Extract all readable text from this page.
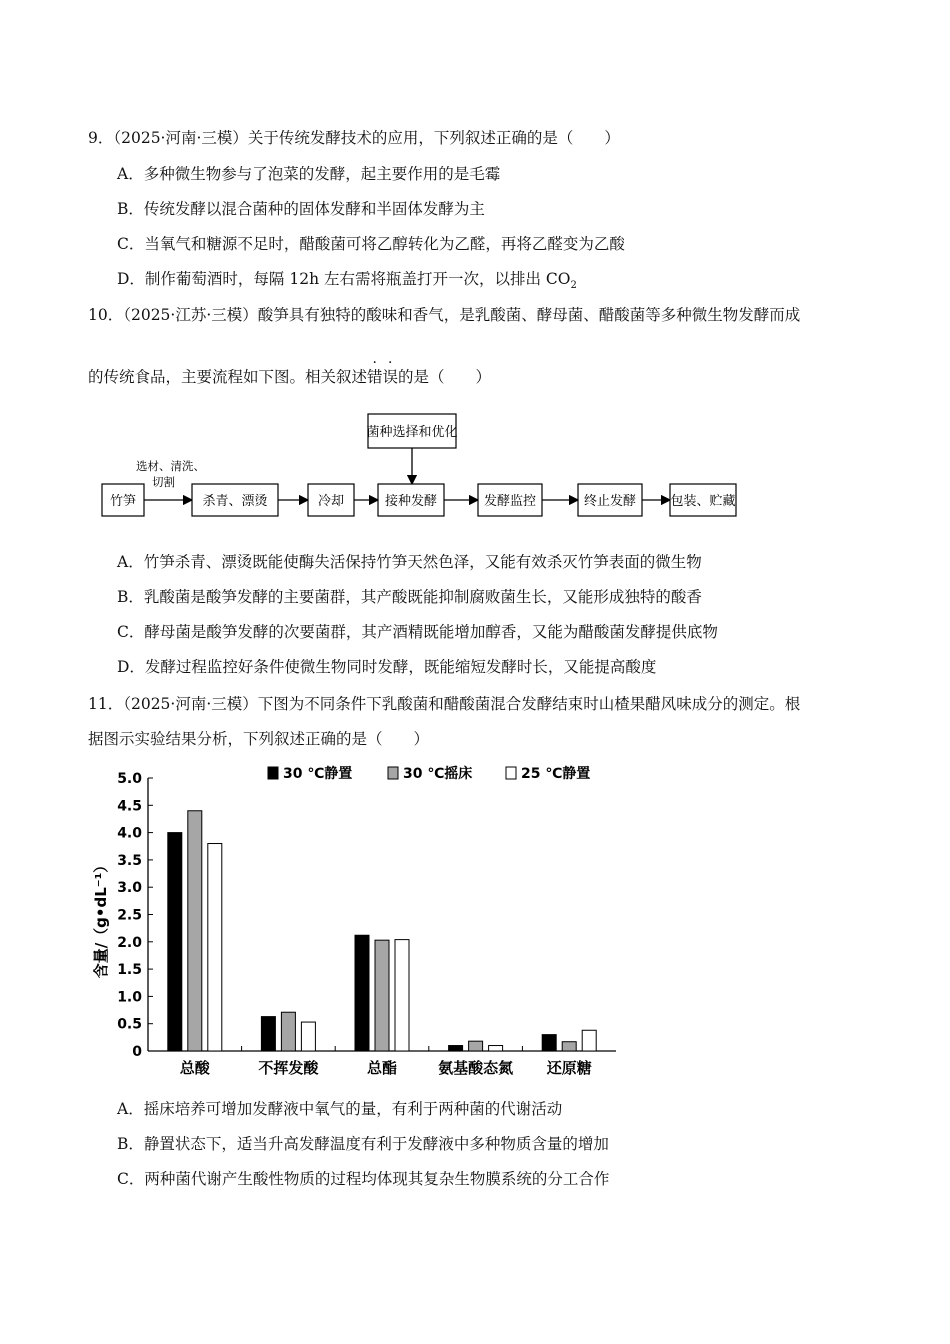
9．（2025·河南·三模）关于传统发酵技术的应用，下列叙述正确的是（　　）
A．多种微生物参与了泡菜的发酵，起主要作用的是毛霉
B．传统发酵以混合菌种的固体发酵和半固体发酵为主
C．当氧气和糖源不足时，醋酸菌可将乙醇转化为乙醛，再将乙醛变为乙酸
D．制作葡萄酒时，每隔 12h 左右需将瓶盖打开一次，以排出 $CO_2$
10．（2025·江苏·三模）酸笋具有独特的酸味和香气，是乳酸菌、酵母菌、醋酸菌等多种微生物发酵而成
的传统食品，主要流程如下图。相关叙述
·
错
·
误的是（　　）
菌种选择和优化
选材、清洗、
切割
竹笋	杀青、漂烫	冷却	接种发酵	发酵监控	终止发酵	包装、贮藏
A．竹笋杀青、漂烫既能使酶失活保持竹笋天然色泽，又能有效杀灭竹笋表面的微生物
B．乳酸菌是酸笋发酵的主要菌群，其产酸既能抑制腐败菌生长，又能形成独特的酸香
C．酵母菌是酸笋发酵的次要菌群，其产酒精既能增加醇香，又能为醋酸菌发酵提供底物
D．发酵过程监控好条件使微生物同时发酵，既能缩短发酵时长，又能提高酸度
11．（2025·河南·三模）下图为不同条件下乳酸菌和醋酸菌混合发酵结束时山楂果醋风味成分的测定。根
据图示实验结果分析，下列叙述正确的是（　　）
0
0.5
1.0
1.5
2.0
2.5
3.0
3.5
4.0
4.5
5.0
总酸	不挥发酸	总酯	氨基酸态氮 还原糖
30 ℃静置	30 ℃摇床	25 ℃静置
含量/（g•dL⁻¹）
A．摇床培养可增加发酵液中氧气的量，有利于两种菌的代谢活动
B．静置状态下，适当升高发酵温度有利于发酵液中多种物质含量的增加
C．两种菌代谢产生酸性物质的过程均体现其复杂生物膜系统的分工合作
